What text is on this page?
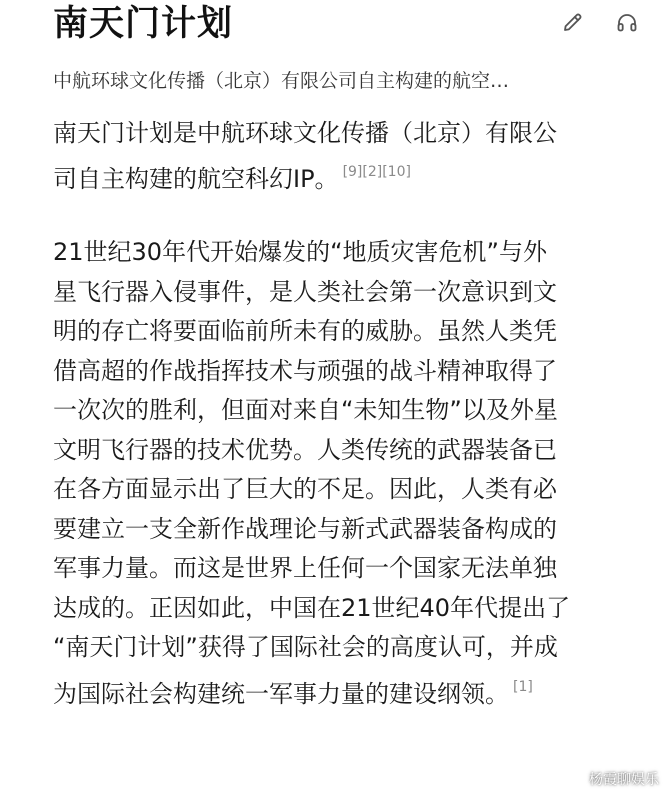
南天门计划
中航环球文化传播（北京）有限公司自主构建的航空…
南天门计划是中航环球文化传播（北京）有限公
司自主构建的航空科幻IP。 [9][2][10]
21世纪30年代开始爆发的“地质灾害危机”与外
星飞行器入侵事件，是人类社会第一次意识到文
明的存亡将要面临前所未有的威胁。虽然人类凭
借高超的作战指挥技术与顽强的战斗精神取得了
一次次的胜利，但面对来自“未知生物”以及外星
文明飞行器的技术优势。人类传统的武器装备已
在各方面显示出了巨大的不足。因此，人类有必
要建立一支全新作战理论与新式武器装备构成的
军事力量。而这是世界上任何一个国家无法单独
达成的。正因如此，中国在21世纪40年代提出了
“南天门计划”获得了国际社会的高度认可，并成
为国际社会构建统一军事力量的建设纲领。 [1]
杨霞聊娱乐
